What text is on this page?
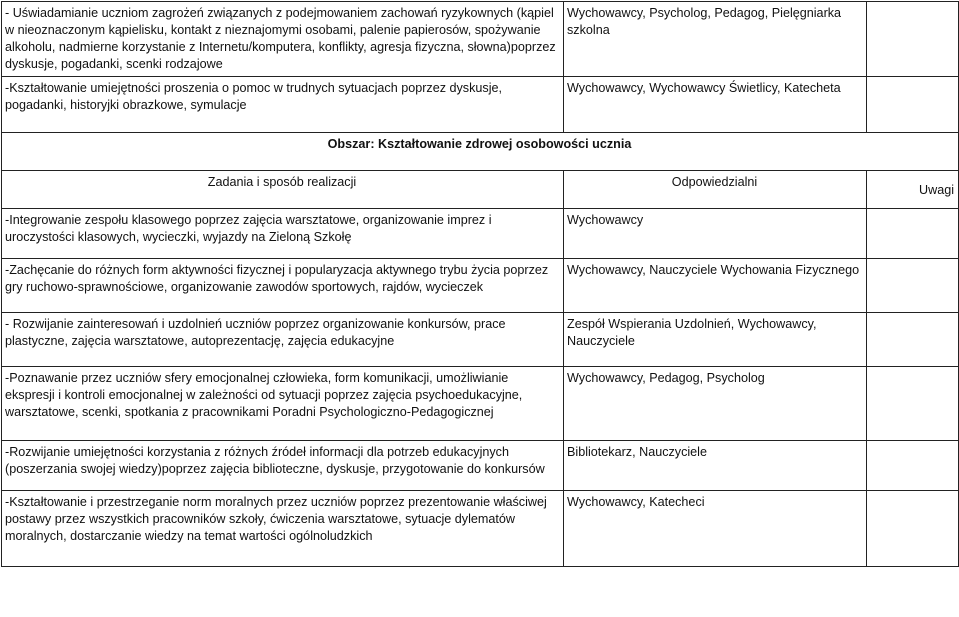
- Uświadamianie uczniom zagrożeń związanych z podejmowaniem zachowań ryzykownych (kąpiel w nieoznaczonym kąpielisku, kontakt z nieznajomymi osobami, palenie papierosów, spożywanie alkoholu, nadmierne korzystanie z Internetu/komputera, konflikty, agresja fizyczna, słowna)poprzez dyskusje, pogadanki, scenki rodzajowe	Wychowawcy, Psycholog, Pedagog, Pielęgniarka szkolna	
-Kształtowanie umiejętności proszenia o pomoc w trudnych sytuacjach poprzez dyskusje, pogadanki, historyjki obrazkowe, symulacje	Wychowawcy, Wychowawcy Świetlicy, Katecheta	
Obszar: Kształtowanie zdrowej osobowości ucznia		
Zadania i sposób realizacji	Odpowiedzialni	Uwagi
-Integrowanie zespołu klasowego poprzez zajęcia warsztatowe, organizowanie imprez i uroczystości klasowych, wycieczki, wyjazdy na Zieloną Szkołę	Wychowawcy	
-Zachęcanie do różnych form aktywności fizycznej i popularyzacja aktywnego trybu życia poprzez gry ruchowo-sprawnościowe, organizowanie zawodów sportowych, rajdów, wycieczek	Wychowawcy, Nauczyciele Wychowania Fizycznego	
- Rozwijanie zainteresowań i uzdolnień uczniów poprzez organizowanie konkursów, prace plastyczne, zajęcia warsztatowe, autoprezentację, zajęcia edukacyjne	Zespół Wspierania Uzdolnień, Wychowawcy, Nauczyciele	
-Poznawanie przez uczniów sfery emocjonalnej człowieka, form komunikacji, umożliwianie ekspresji i kontroli emocjonalnej w zależności od sytuacji poprzez zajęcia psychoedukacyjne, warsztatowe, scenki, spotkania z pracownikami Poradni Psychologiczno-Pedagogicznej	Wychowawcy, Pedagog, Psycholog	
-Rozwijanie umiejętności korzystania z różnych źródeł informacji dla potrzeb edukacyjnych (poszerzania swojej wiedzy)poprzez zajęcia biblioteczne, dyskusje, przygotowanie do konkursów	Bibliotekarz, Nauczyciele	
-Kształtowanie i przestrzeganie norm moralnych przez uczniów poprzez prezentowanie właściwej postawy przez wszystkich pracowników szkoły, ćwiczenia warsztatowe, sytuacje dylematów moralnych, dostarczanie wiedzy na temat wartości ogólnoludzkich	Wychowawcy, Katecheci	
